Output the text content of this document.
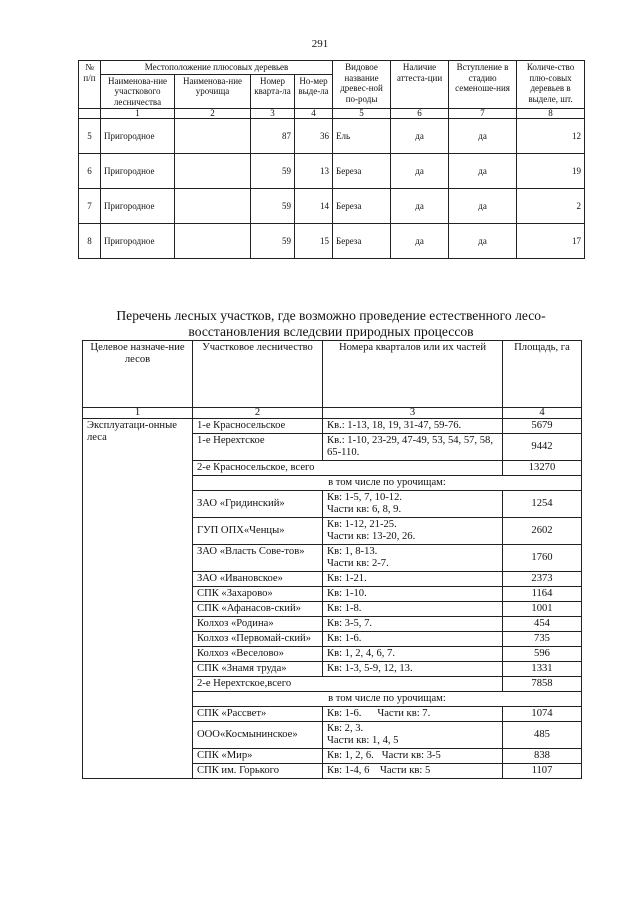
291
№ п/п	Местоположение плюсовых деревьев				Видовое название древес-ной по-роды	Наличие аттеста-ции	Вступление в стадию семеноше-ния	Количе-ство плю-совых деревьев в выделе, шт.
	Наименова-ние участкового лесничества	Наименова-ние урочища	Номер кварта-ла	Но-мер выде-ла				
	1	2	3	4	5	6	7	8
5	Пригородное		87	36	Ель	да	да	12
6	Пригородное		59	13	Береза	да	да	19
7	Пригородное		59	14	Береза	да	да	2
8	Пригородное		59	15	Береза	да	да	17
Перечень лесных участков, где возможно проведение естественного лесо-восстановления вследсвии природных процессов
Целевое назначе-ние лесов	Участковое лесничество	Номера кварталов или их частей	Площадь, га
1	2	3	4
Эксплуатаци-онные леса	1-е Красносельское	Кв.: 1-13, 18, 19, 31-47, 59-76.	5679
	1-е Нерехтское	Кв.: 1-10, 23-29, 47-49, 53, 54, 57, 58, 65-110.	9442
	2-е Красносельское, всего		13270
	в том числе по урочищам:		
	ЗАО «Гридинский»	Кв: 1-5, 7, 10-12.
Части кв: 6, 8, 9.	1254
	ГУП ОПХ«Ченцы»	Кв: 1-12, 21-25.
Части кв: 13-20, 26.	2602
	ЗАО «Власть Сове-тов»	Кв: 1, 8-13.
Части кв: 2-7.	1760
	ЗАО «Ивановское»	Кв: 1-21.	2373
	СПК «Захарово»	Кв: 1-10.	1164
	СПК «Афанасов-ский»	Кв: 1-8.	1001
	Колхоз «Родина»	Кв: 3-5, 7.	454
	Колхоз «Первомай-ский»	Кв: 1-6.	735
	Колхоз «Веселово»	Кв: 1, 2, 4, 6, 7.	596
	СПК «Знамя труда»	Кв: 1-3, 5-9, 12, 13.	1331
	2-е Нерехтское,всего		7858
	в том числе по урочищам:		
	СПК «Рассвет»	Кв: 1-6.      Части кв: 7.	1074
	ООО«Космынинское»	Кв: 2, 3.
Части кв: 1, 4, 5	485
	СПК «Мир»	Кв: 1, 2, 6.   Части кв: 3-5	838
	СПК им. Горького	Кв: 1-4, 6    Части кв: 5	1107
